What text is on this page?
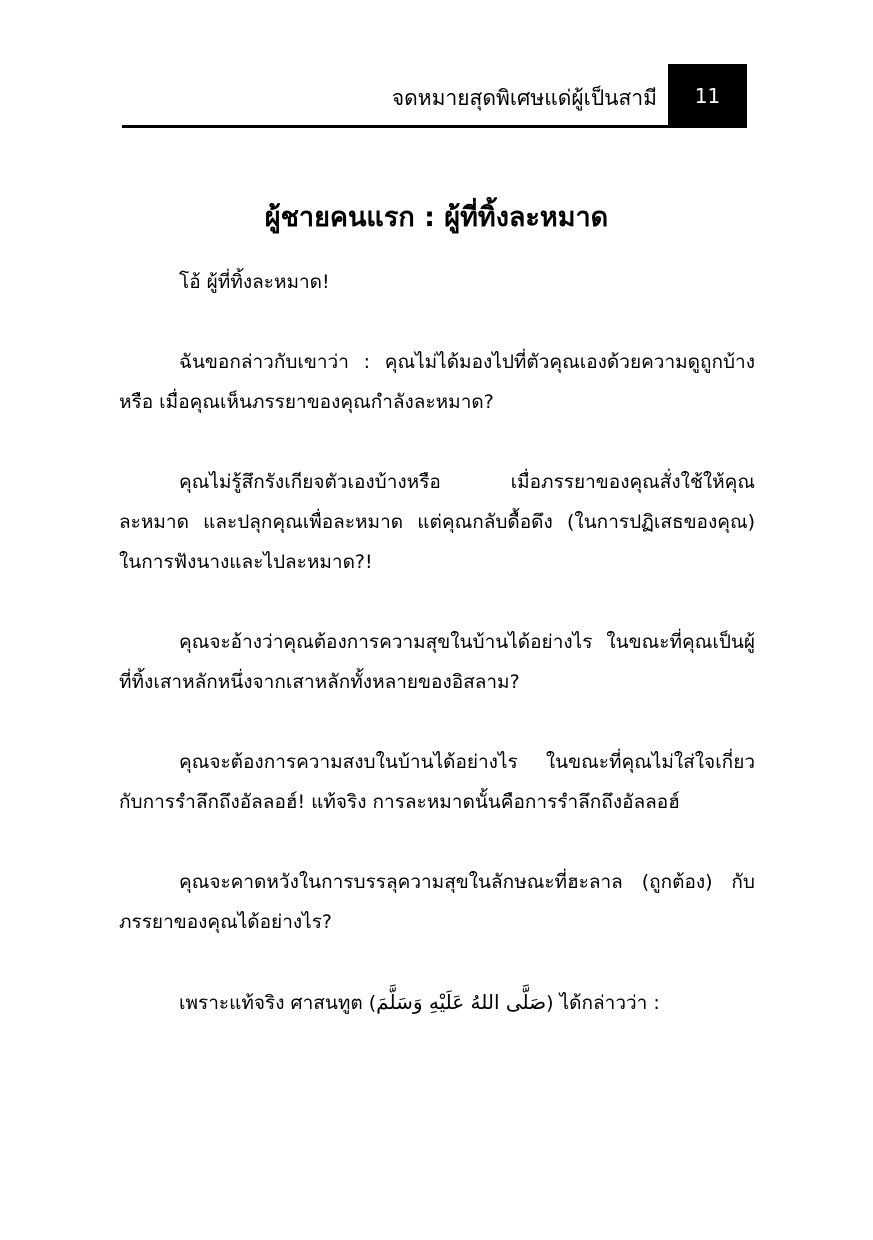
จดหมายสุดพิเศษแด่ผู้เป็นสามี	11
ผู้ชายคนแรก : ผู้ที่ทิ้งละหมาด

โอ้ ผู้ที่ทิ้งละหมาด!

ฉันขอกล่าวกับเขาว่า : คุณไม่ได้มองไปที่ตัวคุณเองด้วยความดูถูกบ้างหรือ เมื่อคุณเห็นภรรยาของคุณกำลังละหมาด?

คุณไม่รู้สึกรังเกียจตัวเองบ้างหรือ เมื่อภรรยาของคุณสั่งใช้ให้คุณละหมาด และปลุกคุณเพื่อละหมาด แต่คุณกลับดื้อดึง (ในการปฏิเสธของคุณ) ในการฟังนางและไปละหมาด?!

คุณจะอ้างว่าคุณต้องการความสุขในบ้านได้อย่างไร ในขณะที่คุณเป็นผู้ที่ทิ้งเสาหลักหนึ่งจากเสาหลักทั้งหลายของอิสลาม?

คุณจะต้องการความสงบในบ้านได้อย่างไร ในขณะที่คุณไม่ใส่ใจเกี่ยวกับการรำลึกถึงอัลลอฮ์! แท้จริง การละหมาดนั้นคือการรำลึกถึงอัลลอฮ์

คุณจะคาดหวังในการบรรลุความสุขในลักษณะที่ฮะลาล (ถูกต้อง) กับภรรยาของคุณได้อย่างไร?

เพราะแท้จริง ศาสนทูต (صَلَّى اللهُ عَلَيْهِ وَسَلَّمَ) ได้กล่าวว่า :
